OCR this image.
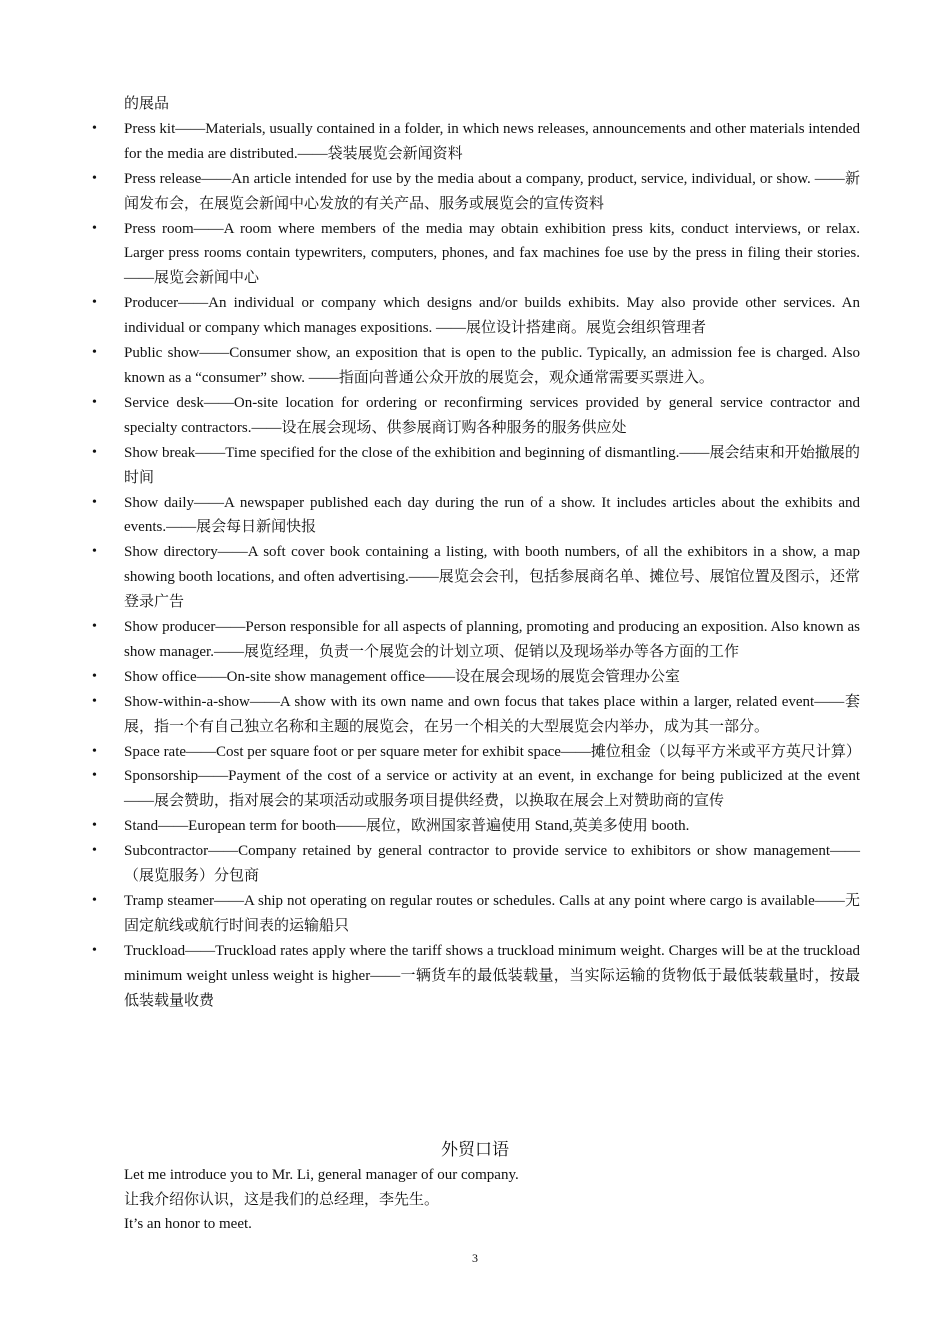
的展品
• Press kit——Materials, usually contained in a folder, in which news releases, announcements and other materials intended for the media are distributed.——袋装展览会新闻资料
• Press release——An article intended for use by the media about a company, product, service, individual, or show. ——新闻发布会，在展览会新闻中心发放的有关产品、服务或展览会的宣传资料
• Press room——A room where members of the media may obtain exhibition press kits, conduct interviews, or relax. Larger press rooms contain typewriters, computers, phones, and fax machines foe use by the press in filing their stories.——展览会新闻中心
• Producer——An individual or company which designs and/or builds exhibits. May also provide other services. An individual or company which manages expositions. ——展位设计搭建商。展览会组织管理者
• Public show——Consumer show, an exposition that is open to the public. Typically, an admission fee is charged. Also known as a “consumer” show. ——指面向普通公众开放的展览会，观众通常需要买票进入。
• Service desk——On-site location for ordering or reconfirming services provided by general service contractor and specialty contractors.——设在展会现场、供参展商订购各种服务的服务供应处
• Show break——Time specified for the close of the exhibition and beginning of dismantling.——展会结束和开始撤展的时间
• Show daily——A newspaper published each day during the run of a show. It includes articles about the exhibits and events.——展会每日新闻快报
• Show directory——A soft cover book containing a listing, with booth numbers, of all the exhibitors in a show, a map showing booth locations, and often advertising.——展览会会刊，包括参展商名单、摊位号、展馆位置及图示，还常登录广告
• Show producer——Person responsible for all aspects of planning, promoting and producing an exposition. Also known as show manager.——展览经理，负责一个展览会的计划立项、促销以及现场举办等各方面的工作
• Show office——On-site show management office——设在展会现场的展览会管理办公室
• Show-within-a-show——A show with its own name and own focus that takes place within a larger, related event——套展，指一个有自己独立名称和主题的展览会，在另一个相关的大型展览会内举办，成为其一部分。
• Space rate——Cost per square foot or per square meter for exhibit space——摊位租金（以每平方米或平方英尺计算）
• Sponsorship——Payment of the cost of a service or activity at an event, in exchange for being publicized at the event——展会赞助，指对展会的某项活动或服务项目提供经费，以换取在展会上对赞助商的宣传
• Stand——European term for booth——展位，欧洲国家普遍使用 Stand,英美多使用 booth.
• Subcontractor——Company retained by general contractor to provide service to exhibitors or show management——（展览服务）分包商
• Tramp steamer——A ship not operating on regular routes or schedules. Calls at any point where cargo is available——无固定航线或航行时间表的运输船只
• Truckload——Truckload rates apply where the tariff shows a truckload minimum weight. Charges will be at the truckload minimum weight unless weight is higher——一辆货车的最低装载量，当实际运输的货物低于最低装载量时，按最低装载量收费
外贸口语

Let me introduce you to Mr. Li, general manager of our company.

让我介绍你认识，这是我们的总经理，李先生。

It’s an honor to meet.

3
